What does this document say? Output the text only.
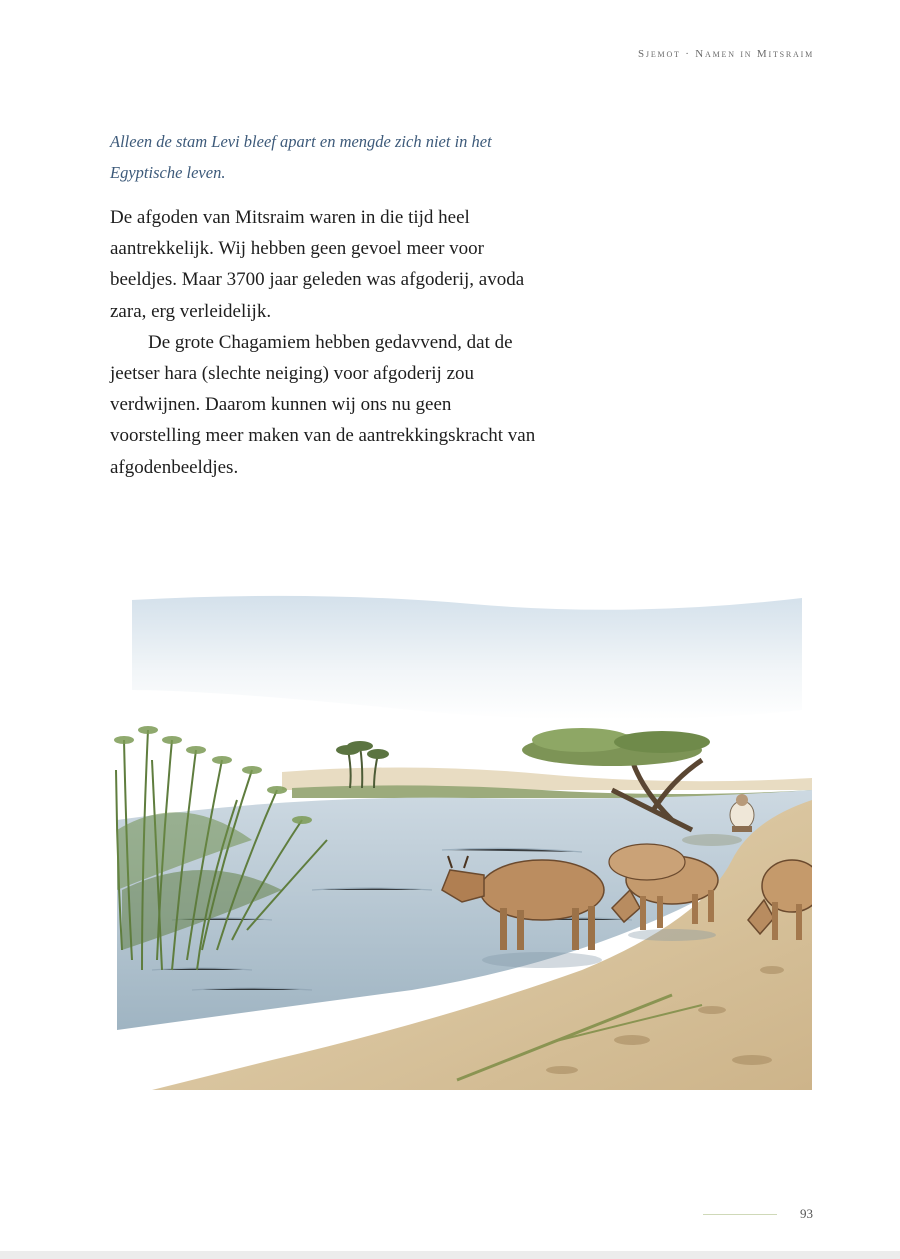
Sjemot · Namen in Mitsraim
Alleen de stam Levi bleef apart en mengde zich niet in het Egyptische leven.

De afgoden van Mitsraim waren in die tijd heel aantrekkelijk. Wij hebben geen gevoel meer voor beeldjes. Maar 3700 jaar geleden was afgoderij, avoda zara, erg verleidelijk.

De grote Chagamiem hebben gedavvend, dat de jeetser hara (slechte neiging) voor afgoderij zou verdwijnen. Daarom kunnen wij ons nu geen voorstelling meer maken van de aantrekkingskracht van afgodenbeeldjes.

93
